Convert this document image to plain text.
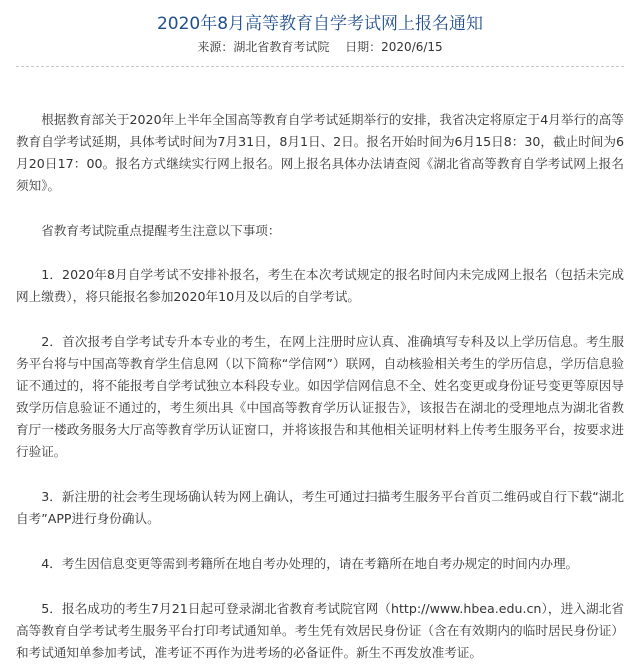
2020年8月高等教育自学考试网上报名通知
来源：湖北省教育考试院 日期：2020/6/15

根据教育部关于2020年上半年全国高等教育自学考试延期举行的安排，我省决定将原定于4月举行的高等教育自学考试延期，具体考试时间为7月31日，8月1日、2日。报名开始时间为6月15日8：30，截止时间为6月20日17：00。报名方式继续实行网上报名。网上报名具体办法请查阅《湖北省高等教育自学考试网上报名须知》。

省教育考试院重点提醒考生注意以下事项：

1．2020年8月自学考试不安排补报名，考生在本次考试规定的报名时间内未完成网上报名（包括未完成网上缴费），将只能报名参加2020年10月及以后的自学考试。

2．首次报考自学考试专升本专业的考生，在网上注册时应认真、准确填写专科及以上学历信息。考生服务平台将与中国高等教育学生信息网（以下简称“学信网”）联网，自动核验相关考生的学历信息，学历信息验证不通过的，将不能报考自学考试独立本科段专业。如因学信网信息不全、姓名变更或身份证号变更等原因导致学历信息验证不通过的，考生须出具《中国高等教育学历认证报告》，该报告在湖北的受理地点为湖北省教育厅一楼政务服务大厅高等教育学历认证窗口，并将该报告和其他相关证明材料上传考生服务平台，按要求进行验证。

3．新注册的社会考生现场确认转为网上确认，考生可通过扫描考生服务平台首页二维码或自行下载“湖北自考”APP进行身份确认。

4．考生因信息变更等需到考籍所在地自考办处理的，请在考籍所在地自考办规定的时间内办理。

5．报名成功的考生7月21日起可登录湖北省教育考试院官网（http://www.hbea.edu.cn），进入湖北省高等教育自学考试考生服务平台打印考试通知单。考生凭有效居民身份证（含在有效期内的临时居民身份证）和考试通知单参加考试，准考证不再作为进考场的必备证件。新生不再发放准考证。
